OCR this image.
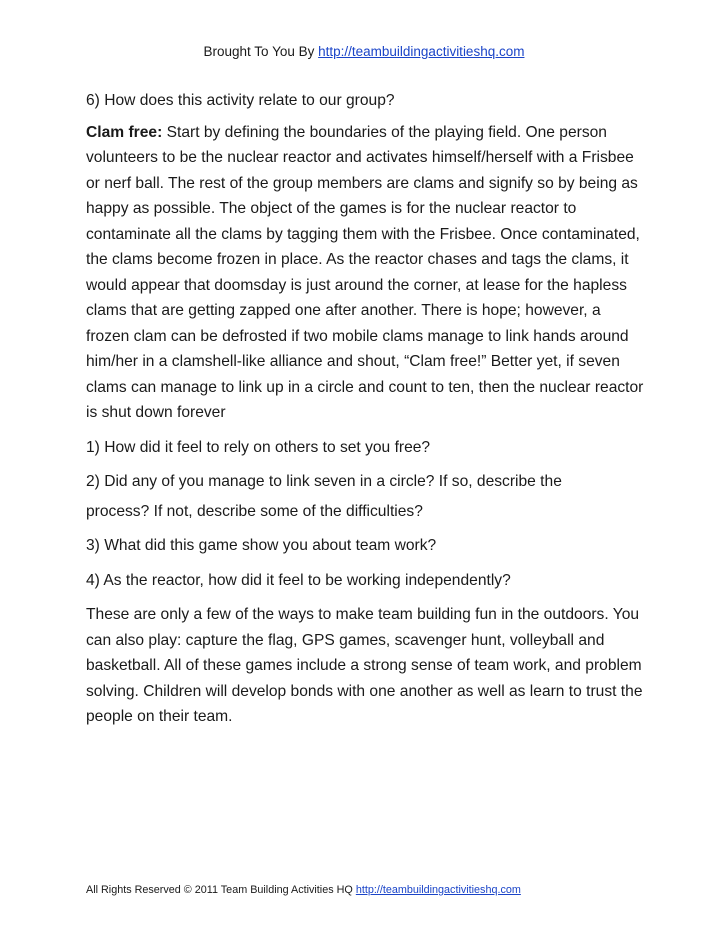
Brought To You By http://teambuildingactivitieshq.com

6) How does this activity relate to our group?

Clam free: Start by defining the boundaries of the playing field. One person volunteers to be the nuclear reactor and activates himself/herself with a Frisbee or nerf ball. The rest of the group members are clams and signify so by being as happy as possible. The object of the games is for the nuclear reactor to contaminate all the clams by tagging them with the Frisbee. Once contaminated, the clams become frozen in place. As the reactor chases and tags the clams, it would appear that doomsday is just around the corner, at lease for the hapless clams that are getting zapped one after another. There is hope; however, a frozen clam can be defrosted if two mobile clams manage to link hands around him/her in a clamshell-like alliance and shout, “Clam free!” Better yet, if seven clams can manage to link up in a circle and count to ten, then the nuclear reactor is shut down forever

1) How did it feel to rely on others to set you free?

2) Did any of you manage to link seven in a circle? If so, describe the

process? If not, describe some of the difficulties?

3) What did this game show you about team work?

4) As the reactor, how did it feel to be working independently?

These are only a few of the ways to make team building fun in the outdoors. You can also play: capture the flag, GPS games, scavenger hunt, volleyball and basketball. All of these games include a strong sense of team work, and problem solving. Children will develop bonds with one another as well as learn to trust the people on their team.

All Rights Reserved © 2011 Team Building Activities HQ http://teambuildingactivitieshq.com
